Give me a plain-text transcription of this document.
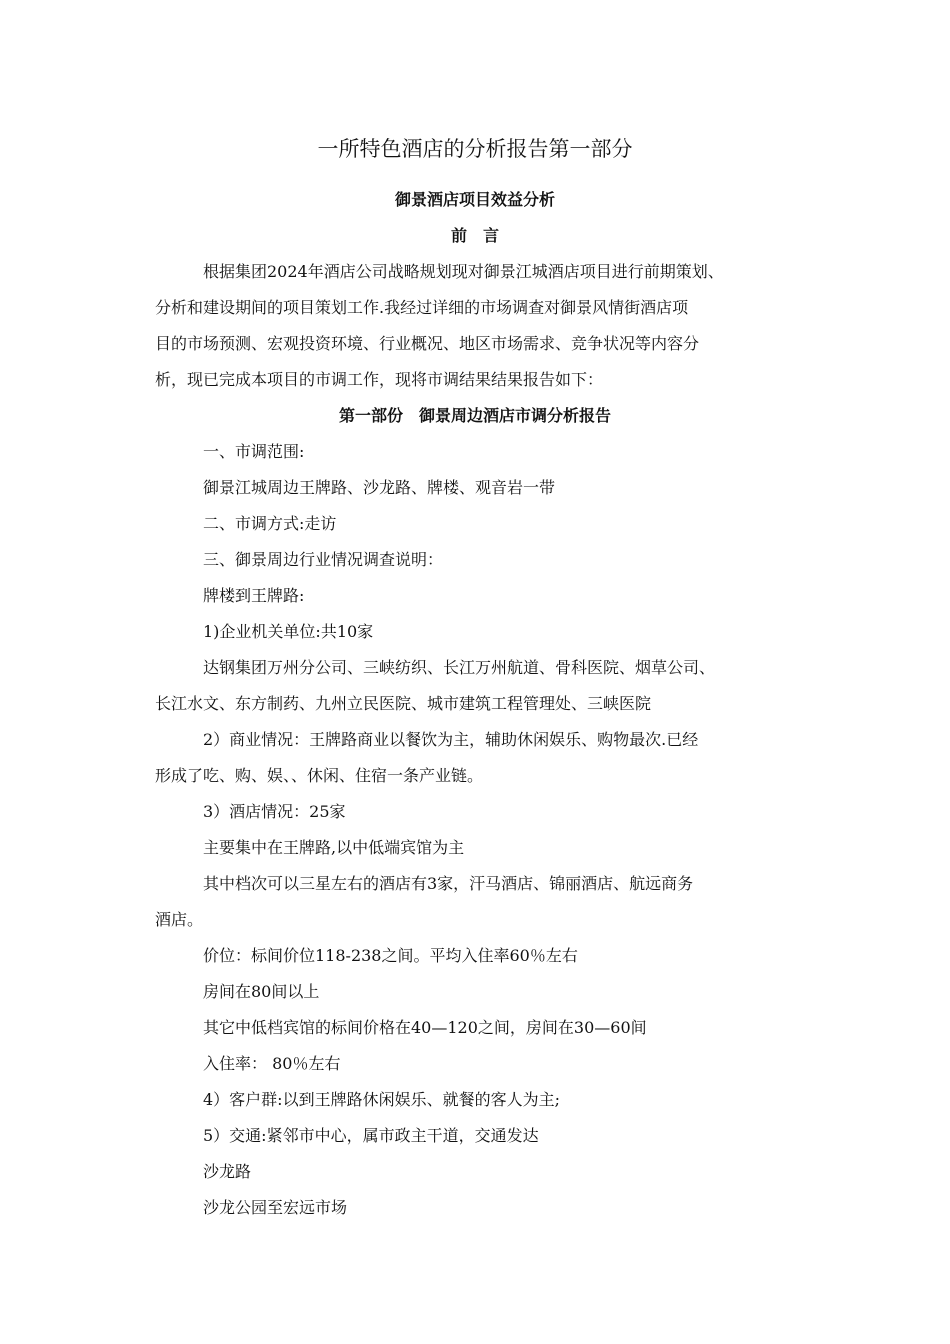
一所特色酒店的分析报告第一部分
御景酒店项目效益分析
前　言
根据集团2024年酒店公司战略规划现对御景江城酒店项目进行前期策划、
分析和建设期间的项目策划工作.我经过详细的市场调查对御景风情街酒店项
目的市场预测、宏观投资环境、行业概况、地区市场需求、竞争状况等内容分
析，现已完成本项目的市调工作，现将市调结果结果报告如下：
第一部份　御景周边酒店市调分析报告
一、市调范围:
御景江城周边王牌路、沙龙路、牌楼、观音岩一带
二、市调方式:走访
三、御景周边行业情况调查说明：
牌楼到王牌路:
1)企业机关单位:共10家
达钢集团万州分公司、三峡纺织、长江万州航道、骨科医院、烟草公司、
长江水文、东方制药、九州立民医院、城市建筑工程管理处、三峡医院
2）商业情况：王牌路商业以餐饮为主，辅助休闲娱乐、购物最次.已经
形成了吃、购、娱、、休闲、住宿一条产业链。
3）酒店情况：25家
主要集中在王牌路,以中低端宾馆为主
其中档次可以三星左右的酒店有3家，汗马酒店、锦丽酒店、航远商务
酒店。
价位：标间价位118-238之间。平均入住率60％左右
房间在80间以上
其它中低档宾馆的标间价格在40—120之间，房间在30—60间
入住率： 80％左右
4）客户群:以到王牌路休闲娱乐、就餐的客人为主;
5）交通:紧邻市中心，属市政主干道，交通发达
沙龙路
沙龙公园至宏远市场
